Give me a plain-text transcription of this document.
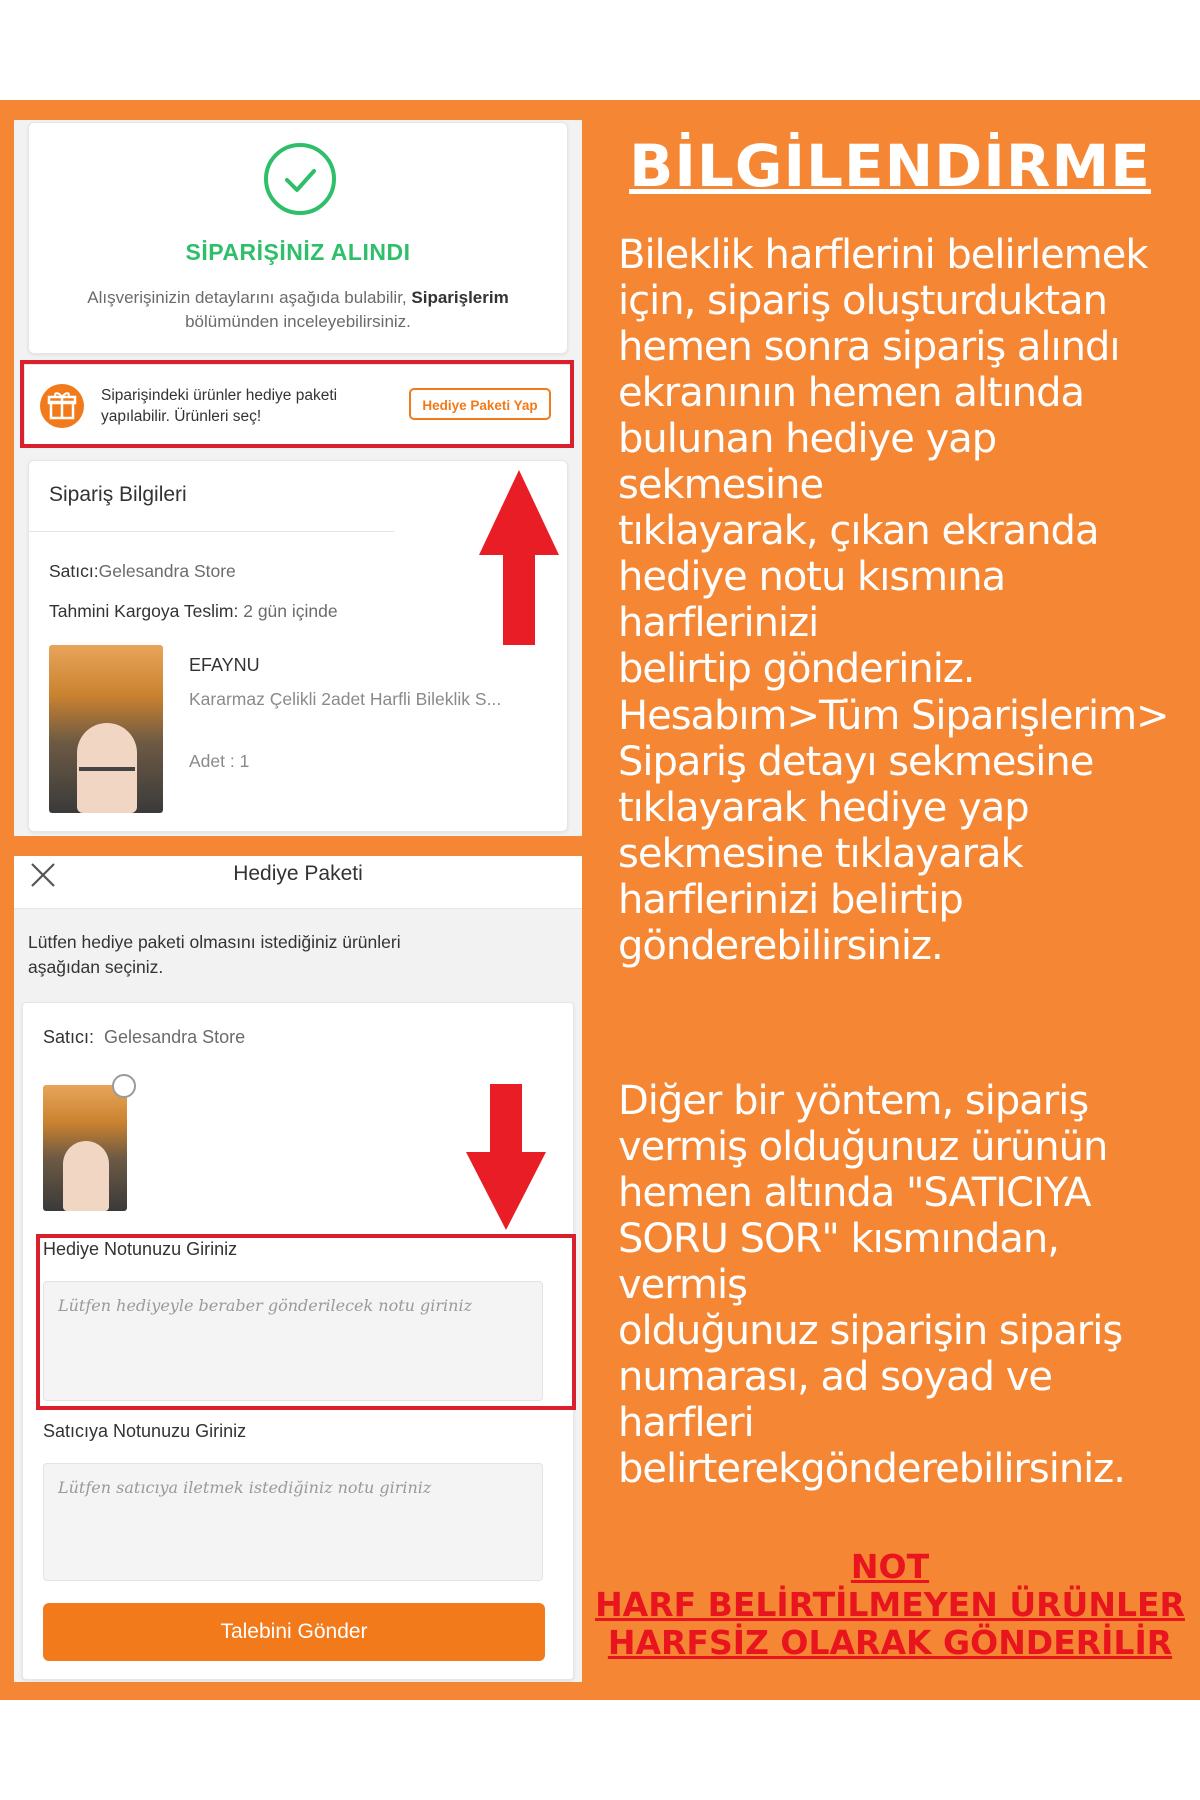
SİPARİŞİNİZ ALINDI
Alışverişinizin detaylarını aşağıda bulabilir, Siparişlerim
bölümünden inceleyebilirsiniz.
Siparişindeki ürünler hediye paketi
yapılabilir. Ürünleri seç!
Hediye Paketi Yap
Sipariş Bilgileri
Satıcı:Gelesandra Store
Tahmini Kargoya Teslim: 2 gün içinde
EFAYNU
Kararmaz Çelikli 2adet Harfli Bileklik S...
Adet : 1
Hediye Paketi
Lütfen hediye paketi olmasını istediğiniz ürünleri
aşağıdan seçiniz.
Satıcı: Gelesandra Store
Hediye Notunuzu Giriniz
Lütfen hediyeyle beraber gönderilecek notu giriniz
Satıcıya Notunuzu Giriniz
Lütfen satıcıya iletmek istediğiniz notu giriniz
Talebini Gönder
BİLGİLENDİRME
Bileklik harflerini belirlemek
için, sipariş oluşturduktan
hemen sonra sipariş alındı
ekranının hemen altında
bulunan hediye yap sekmesine
tıklayarak, çıkan ekranda
hediye notu kısmına harflerinizi
belirtip gönderiniz.
Hesabım>Tüm Siparişlerim>
Sipariş detayı sekmesine
tıklayarak hediye yap
sekmesine tıklayarak
harflerinizi belirtip
gönderebilirsiniz.
Diğer bir yöntem, sipariş
vermiş olduğunuz ürünün
hemen altında "SATICIYA
SORU SOR" kısmından, vermiş
olduğunuz siparişin sipariş
numarası, ad soyad ve harfleri
belirterekgönderebilirsiniz.
NOT
HARF BELİRTİLMEYEN ÜRÜNLER
HARFSİZ OLARAK GÖNDERİLİR
